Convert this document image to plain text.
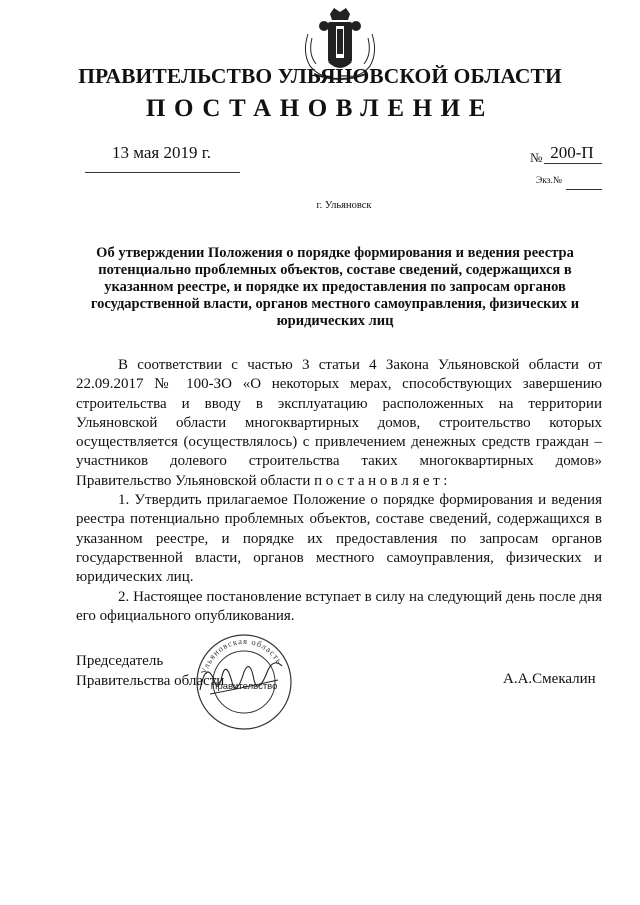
ПРАВИТЕЛЬСТВО УЛЬЯНОВСКОЙ ОБЛАСТИ
ПОСТАНОВЛЕНИЕ
13 мая 2019 г.	№ 200-П
Экз.№
г. Ульяновск
Об утверждении Положения о порядке формирования и ведения реестра потенциально проблемных объектов, составе сведений, содержащихся в указанном реестре, и порядке их предоставления по запросам органов государственной власти, органов местного самоуправления, физических и юридических лиц

В соответствии с частью 3 статьи 4 Закона Ульяновской области от 22.09.2017 № 100-ЗО «О некоторых мерах, способствующих завершению строительства и вводу в эксплуатацию расположенных на территории Ульяновской области многоквартирных домов, строительство которых осуществляется (осуществлялось) с привлечением денежных средств граждан – участников долевого строительства таких многоквартирных домов» Правительство Ульяновской области постановляет:

1. Утвердить прилагаемое Положение о порядке формирования и ведения реестра потенциально проблемных объектов, составе сведений, содержащихся в указанном реестре, и порядке их предоставления по запросам органов государственной власти, органов местного самоуправления, физических и юридических лиц.

2. Настоящее постановление вступает в силу на следующий день после дня его официального опубликования.

Ульяновская область
Правительство
Председатель
Правительства области	А.А.Смекалин
